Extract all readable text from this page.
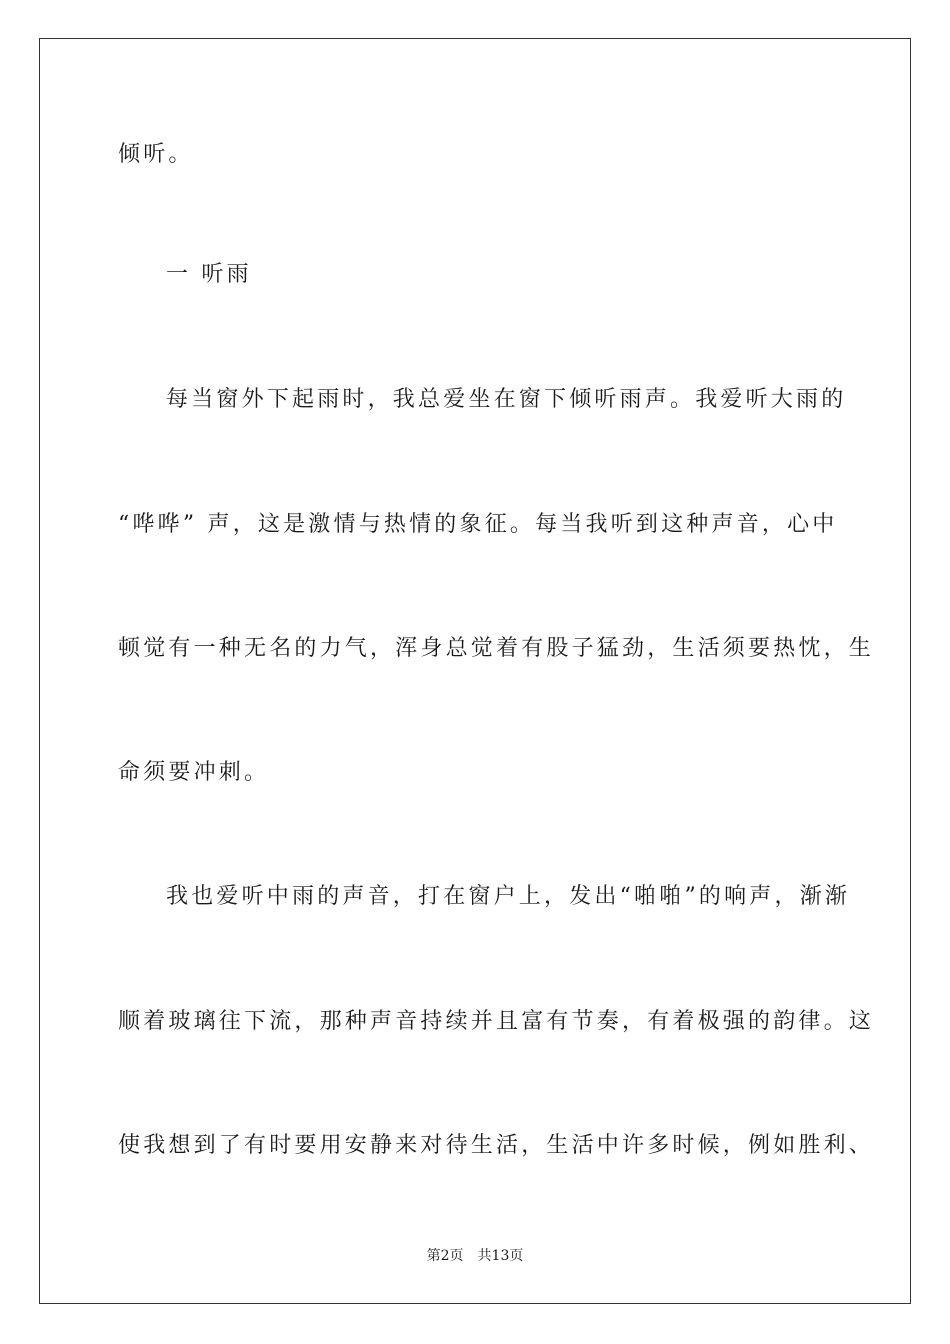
倾听。
一 听雨
每当窗外下起雨时，我总爱坐在窗下倾听雨声。我爱听大雨的
“哗哗” 声，这是激情与热情的象征。每当我听到这种声音，心中
顿觉有一种无名的力气，浑身总觉着有股子猛劲，生活须要热忱，生
命须要冲刺。
我也爱听中雨的声音，打在窗户上，发出“啪啪”的响声，渐渐
顺着玻璃往下流，那种声音持续并且富有节奏，有着极强的韵律。这
使我想到了有时要用安静来对待生活，生活中许多时候，例如胜利、
第2页 共13页
